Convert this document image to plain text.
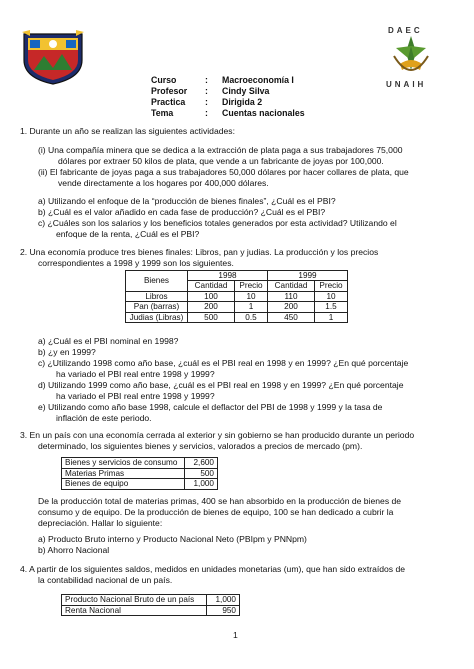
DAEC
UNAIH
Curso	: Macroeconomía I
Profesor : Cindy Silva
Practica : Dirigida 2
Tema	: Cuentas nacionales
1. Durante un año se realizan las siguientes actividades:
(i) Una compañía minera que se dedica a la extracción de plata paga a sus trabajadores 75,000
dólares por extraer 50 kilos de plata, que vende a un fabricante de joyas por 100,000.
(ii) El fabricante de joyas paga a sus trabajadores 50,000 dólares por hacer collares de plata, que
vende directamente a los hogares por 400,000 dólares.
a) Utilizando el enfoque de la “producción de bienes finales”, ¿Cuál es el PBI?
b) ¿Cuál es el valor añadido en cada fase de producción? ¿Cuál es el PBI?
c) ¿Cuáles son los salarios y los beneficios totales generados por esta actividad? Utilizando el
enfoque de la renta, ¿Cuál es el PBI?
2. Una economía produce tres bienes finales: Libros, pan y judias. La producción y los precios
correspondientes a 1998 y 1999 son los siguientes.
Bienes	1998		1999	
	Cantidad	Precio	Cantidad	Precio
Libros	100	10	110	10
Pan (barras)	200	1	200	1.5
Judias (Libras)	500	0.5	450	1
a) ¿Cuál es el PBI nominal en 1998?
b) ¿y en 1999?
c) ¿Utilizando 1998 como año base, ¿cuál es el PBI real en 1998 y en 1999? ¿En qué porcentaje
ha variado el PBI real entre 1998 y 1999?
d) Utilizando 1999 como año base, ¿cuál es el PBI real en 1998 y en 1999? ¿En qué porcentaje
ha variado el PBI real entre 1998 y 1999?
e) Utilizando como año base 1998, calcule el deflactor del PBI de 1998 y 1999 y la tasa de
inflación de este periodo.
3. En un país con una economía cerrada al exterior y sin gobierno se han producido durante un periodo
determinado, los siguientes bienes y servicios, valorados a precios de mercado (pm).
Bienes y servicios de consumo	2,600
Materias Primas	500
Bienes de equipo	1,000
De la producción total de materias primas, 400 se han absorbido en la producción de bienes de
consumo y de equipo. De la producción de bienes de equipo, 100 se han dedicado a cubrir la
depreciación. Hallar lo siguiente:
a) Producto Bruto interno y Producto Nacional Neto (PBIpm y PNNpm)
b) Ahorro Nacional
4. A partir de los siguientes saldos, medidos en unidades monetarias (um), que han sido extraídos de
la contabilidad nacional de un país.
Producto Nacional Bruto de un país	1,000
Renta Nacional	950
1
